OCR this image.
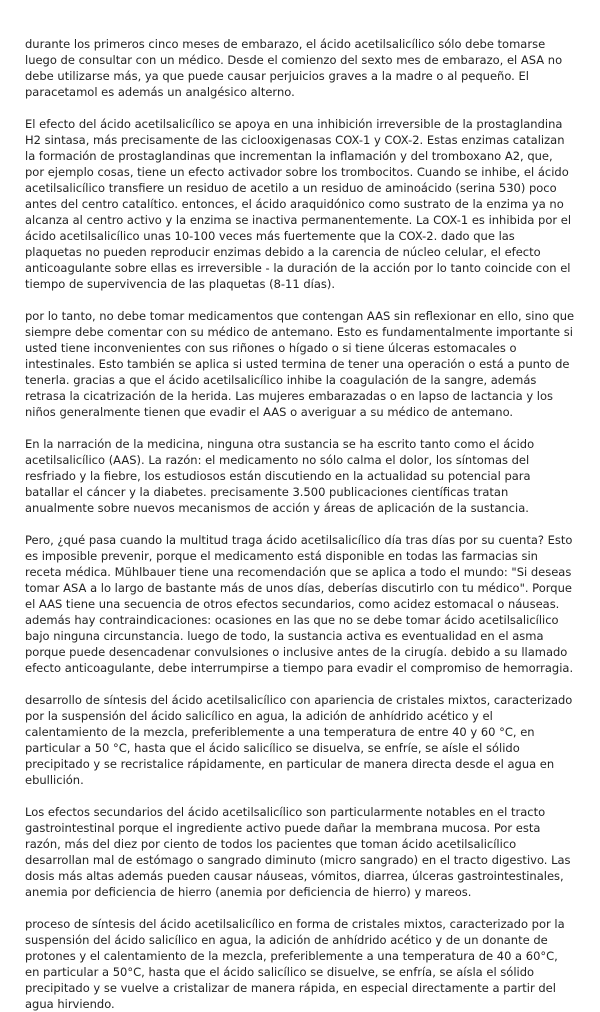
durante los primeros cinco meses de embarazo, el ácido acetilsalicílico sólo debe tomarse luego de consultar con un médico. Desde el comienzo del sexto mes de embarazo, el ASA no debe utilizarse más, ya que puede causar perjuicios graves a la madre o al pequeño. El paracetamol es además un analgésico alterno.

El efecto del ácido acetilsalicílico se apoya en una inhibición irreversible de la prostaglandina H2 sintasa, más precisamente de las ciclooxigenasas COX-1 y COX-2. Estas enzimas catalizan la formación de prostaglandinas que incrementan la inflamación y del tromboxano A2, que, por ejemplo cosas, tiene un efecto activador sobre los trombocitos. Cuando se inhibe, el ácido acetilsalicílico transfiere un residuo de acetilo a un residuo de aminoácido (serina 530) poco antes del centro catalítico. entonces, el ácido araquidónico como sustrato de la enzima ya no alcanza al centro activo y la enzima se inactiva permanentemente. La COX-1 es inhibida por el ácido acetilsalicílico unas 10-100 veces más fuertemente que la COX-2. dado que las plaquetas no pueden reproducir enzimas debido a la carencia de núcleo celular, el efecto anticoagulante sobre ellas es irreversible - la duración de la acción por lo tanto coincide con el tiempo de supervivencia de las plaquetas (8-11 días).

por lo tanto, no debe tomar medicamentos que contengan AAS sin reflexionar en ello, sino que siempre debe comentar con su médico de antemano. Esto es fundamentalmente importante si usted tiene inconvenientes con sus riñones o hígado o si tiene úlceras estomacales o intestinales. Esto también se aplica si usted termina de tener una operación o está a punto de tenerla. gracias a que el ácido acetilsalicílico inhibe la coagulación de la sangre, además retrasa la cicatrización de la herida. Las mujeres embarazadas o en lapso de lactancia y los niños generalmente tienen que evadir el AAS o averiguar a su médico de antemano.

En la narración de la medicina, ninguna otra sustancia se ha escrito tanto como el ácido acetilsalicílico (AAS). La razón: el medicamento no sólo calma el dolor, los síntomas del resfriado y la fiebre, los estudiosos están discutiendo en la actualidad su potencial para batallar el cáncer y la diabetes. precisamente 3.500 publicaciones científicas tratan anualmente sobre nuevos mecanismos de acción y áreas de aplicación de la sustancia.

Pero, ¿qué pasa cuando la multitud traga ácido acetilsalicílico día tras días por su cuenta? Esto es imposible prevenir, porque el medicamento está disponible en todas las farmacias sin receta médica. Mühlbauer tiene una recomendación que se aplica a todo el mundo: "Si deseas tomar ASA a lo largo de bastante más de unos días, deberías discutirlo con tu médico". Porque el AAS tiene una secuencia de otros efectos secundarios, como acidez estomacal o náuseas. además hay contraindicaciones: ocasiones en las que no se debe tomar ácido acetilsalicílico bajo ninguna circunstancia. luego de todo, la sustancia activa es eventualidad en el asma porque puede desencadenar convulsiones o inclusive antes de la cirugía. debido a su llamado efecto anticoagulante, debe interrumpirse a tiempo para evadir el compromiso de hemorragia.

desarrollo de síntesis del ácido acetilsalicílico con apariencia de cristales mixtos, caracterizado por la suspensión del ácido salicílico en agua, la adición de anhídrido acético y el calentamiento de la mezcla, preferiblemente a una temperatura de entre 40 y 60 °C, en particular a 50 °C, hasta que el ácido salicílico se disuelva, se enfríe, se aísle el sólido precipitado y se recristalice rápidamente, en particular de manera directa desde el agua en ebullición.

Los efectos secundarios del ácido acetilsalicílico son particularmente notables en el tracto gastrointestinal porque el ingrediente activo puede dañar la membrana mucosa. Por esta razón, más del diez por ciento de todos los pacientes que toman ácido acetilsalicílico desarrollan mal de estómago o sangrado diminuto (micro sangrado) en el tracto digestivo. Las dosis más altas además pueden causar náuseas, vómitos, diarrea, úlceras gastrointestinales, anemia por deficiencia de hierro (anemia por deficiencia de hierro) y mareos.

proceso de síntesis del ácido acetilsalicílico en forma de cristales mixtos, caracterizado por la suspensión del ácido salicílico en agua, la adición de anhídrido acético y de un donante de protones y el calentamiento de la mezcla, preferiblemente a una temperatura de 40 a 60°C, en particular a 50°C, hasta que el ácido salicílico se disuelve, se enfría, se aísla el sólido precipitado y se vuelve a cristalizar de manera rápida, en especial directamente a partir del agua hirviendo.
